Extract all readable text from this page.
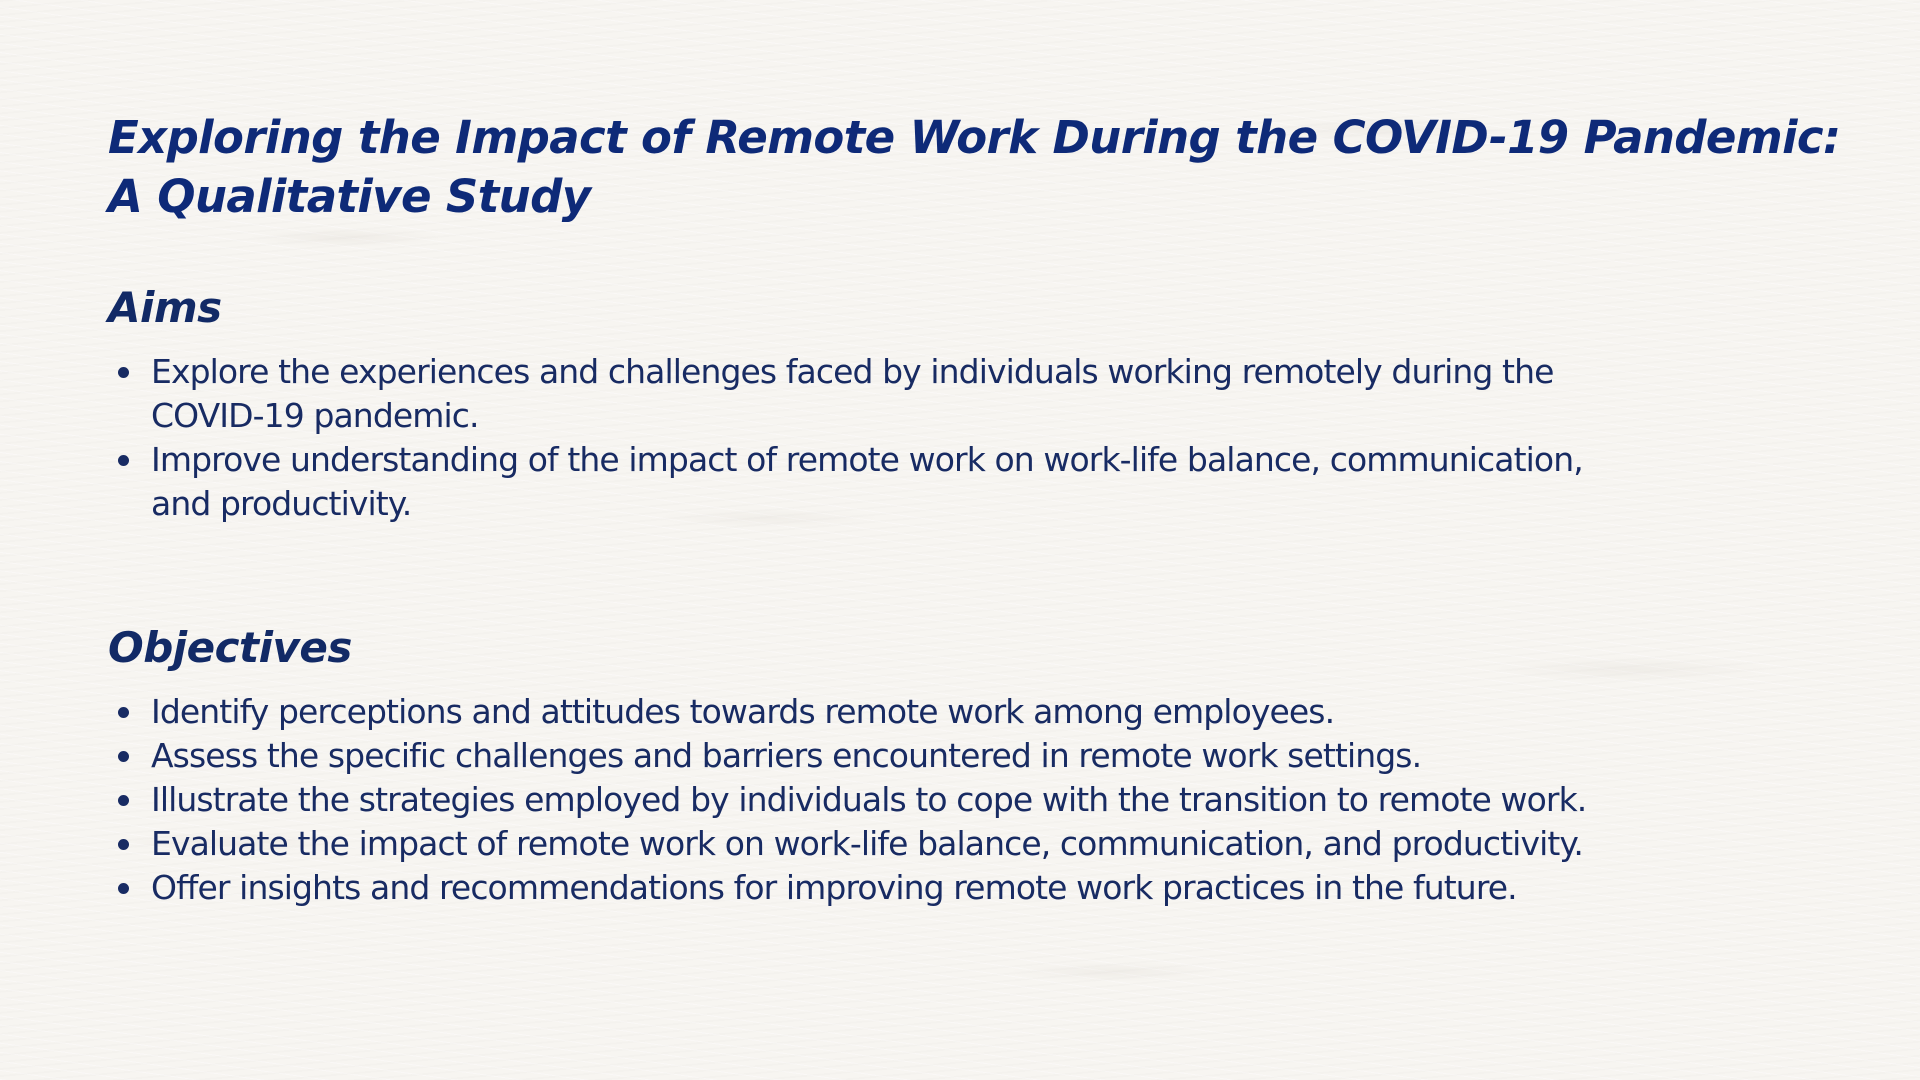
Exploring the Impact of Remote Work During the COVID-19 Pandemic:
A Qualitative Study
Aims
Explore the experiences and challenges faced by individuals working remotely during the
COVID-19 pandemic.
Improve understanding of the impact of remote work on work-life balance, communication,
and productivity.
Objectives
Identify perceptions and attitudes towards remote work among employees.
Assess the specific challenges and barriers encountered in remote work settings.
Illustrate the strategies employed by individuals to cope with the transition to remote work.
Evaluate the impact of remote work on work-life balance, communication, and productivity.
Offer insights and recommendations for improving remote work practices in the future.
